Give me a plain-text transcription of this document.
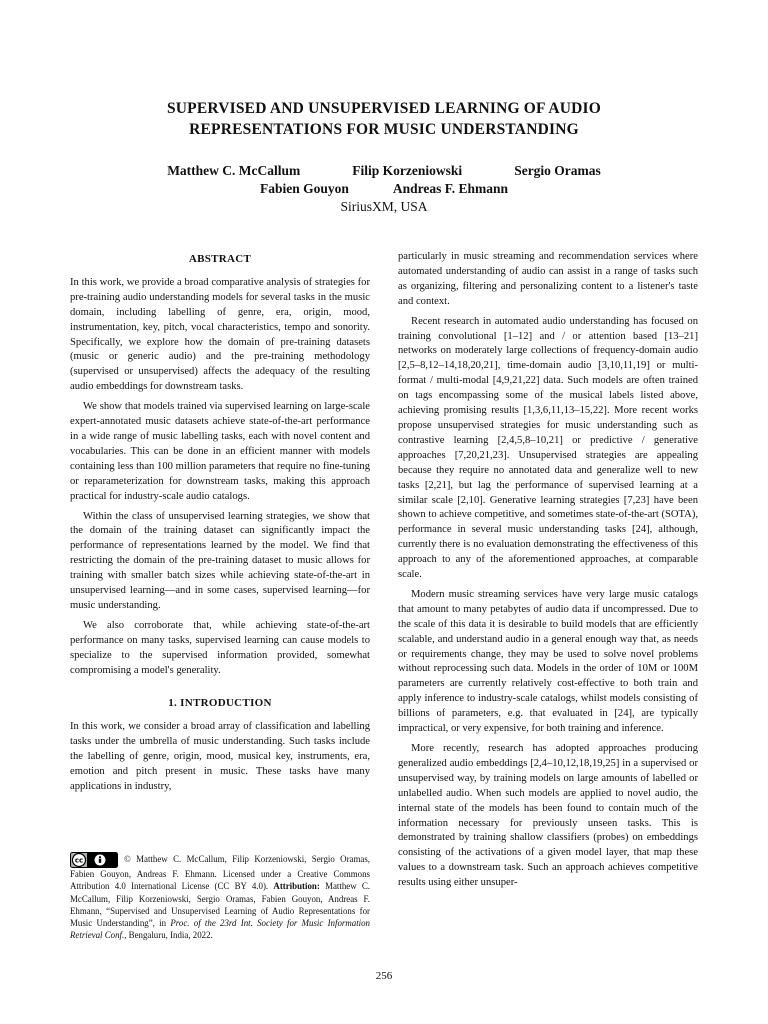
SUPERVISED AND UNSUPERVISED LEARNING OF AUDIO
REPRESENTATIONS FOR MUSIC UNDERSTANDING
Matthew C. McCallum	Filip Korzeniowski	Sergio Oramas
Fabien Gouyon	Andreas F. Ehmann
SiriusXM, USA
ABSTRACT

In this work, we provide a broad comparative analysis of strategies for pre-training audio understanding models for several tasks in the music domain, including labelling of genre, era, origin, mood, instrumentation, key, pitch, vocal characteristics, tempo and sonority. Specifically, we explore how the domain of pre-training datasets (music or generic audio) and the pre-training methodology (supervised or unsupervised) affects the adequacy of the resulting audio embeddings for downstream tasks.

We show that models trained via supervised learning on large-scale expert-annotated music datasets achieve state-of-the-art performance in a wide range of music labelling tasks, each with novel content and vocabularies. This can be done in an efficient manner with models containing less than 100 million parameters that require no fine-tuning or reparameterization for downstream tasks, making this approach practical for industry-scale audio catalogs.

Within the class of unsupervised learning strategies, we show that the domain of the training dataset can significantly impact the performance of representations learned by the model. We find that restricting the domain of the pre-training dataset to music allows for training with smaller batch sizes while achieving state-of-the-art in unsupervised learning—and in some cases, supervised learning—for music understanding.

We also corroborate that, while achieving state-of-the-art performance on many tasks, supervised learning can cause models to specialize to the supervised information provided, somewhat compromising a model's generality.

1. INTRODUCTION

In this work, we consider a broad array of classification and labelling tasks under the umbrella of music understanding. Such tasks include the labelling of genre, origin, mood, musical key, instruments, era, emotion and pitch present in music. These tasks have many applications in industry,

particularly in music streaming and recommendation services where automated understanding of audio can assist in a range of tasks such as organizing, filtering and personalizing content to a listener's taste and context.

Recent research in automated audio understanding has focused on training convolutional [1–12] and / or attention based [13–21] networks on moderately large collections of frequency-domain audio [2,5–8,12–14,18,20,21], time-domain audio [3,10,11,19] or multi-format / multi-modal [4,9,21,22] data. Such models are often trained on tags encompassing some of the musical labels listed above, achieving promising results [1,3,6,11,13–15,22]. More recent works propose unsupervised strategies for music understanding such as contrastive learning [2,4,5,8–10,21] or predictive / generative approaches [7,20,21,23]. Unsupervised strategies are appealing because they require no annotated data and generalize well to new tasks [2,21], but lag the performance of supervised learning at a similar scale [2,10]. Generative learning strategies [7,23] have been shown to achieve competitive, and sometimes state-of-the-art (SOTA), performance in several music understanding tasks [24], although, currently there is no evaluation demonstrating the effectiveness of this approach to any of the aforementioned approaches, at comparable scale.

Modern music streaming services have very large music catalogs that amount to many petabytes of audio data if uncompressed. Due to the scale of this data it is desirable to build models that are efficiently scalable, and understand audio in a general enough way that, as needs or requirements change, they may be used to solve novel problems without reprocessing such data. Models in the order of 10M or 100M parameters are currently relatively cost-effective to both train and apply inference to industry-scale catalogs, whilst models consisting of billions of parameters, e.g. that evaluated in [24], are typically impractical, or very expensive, for both training and inference.

More recently, research has adopted approaches producing generalized audio embeddings [2,4–10,12,18,19,25] in a supervised or unsupervised way, by training models on large amounts of labelled or unlabelled audio. When such models are applied to novel audio, the internal state of the models has been found to contain much of the information necessary for previously unseen tasks. This is demonstrated by training shallow classifiers (probes) on embeddings consisting of the activations of a given model layer, that map these values to a downstream task. Such an approach achieves competitive results using either unsuper-

cc	© Matthew C. McCallum, Filip Korzeniowski, Sergio Oramas, Fabien Gouyon, Andreas F. Ehmann. Licensed under a Creative Commons Attribution 4.0 International License (CC BY 4.0). Attribution: Matthew C. McCallum, Filip Korzeniowski, Sergio Oramas, Fabien Gouyon, Andreas F. Ehmann, “Supervised and Unsupervised Learning of Audio Representations for Music Understanding”, in Proc. of the 23rd Int. Society for Music Information Retrieval Conf., Bengaluru, India, 2022.
256
